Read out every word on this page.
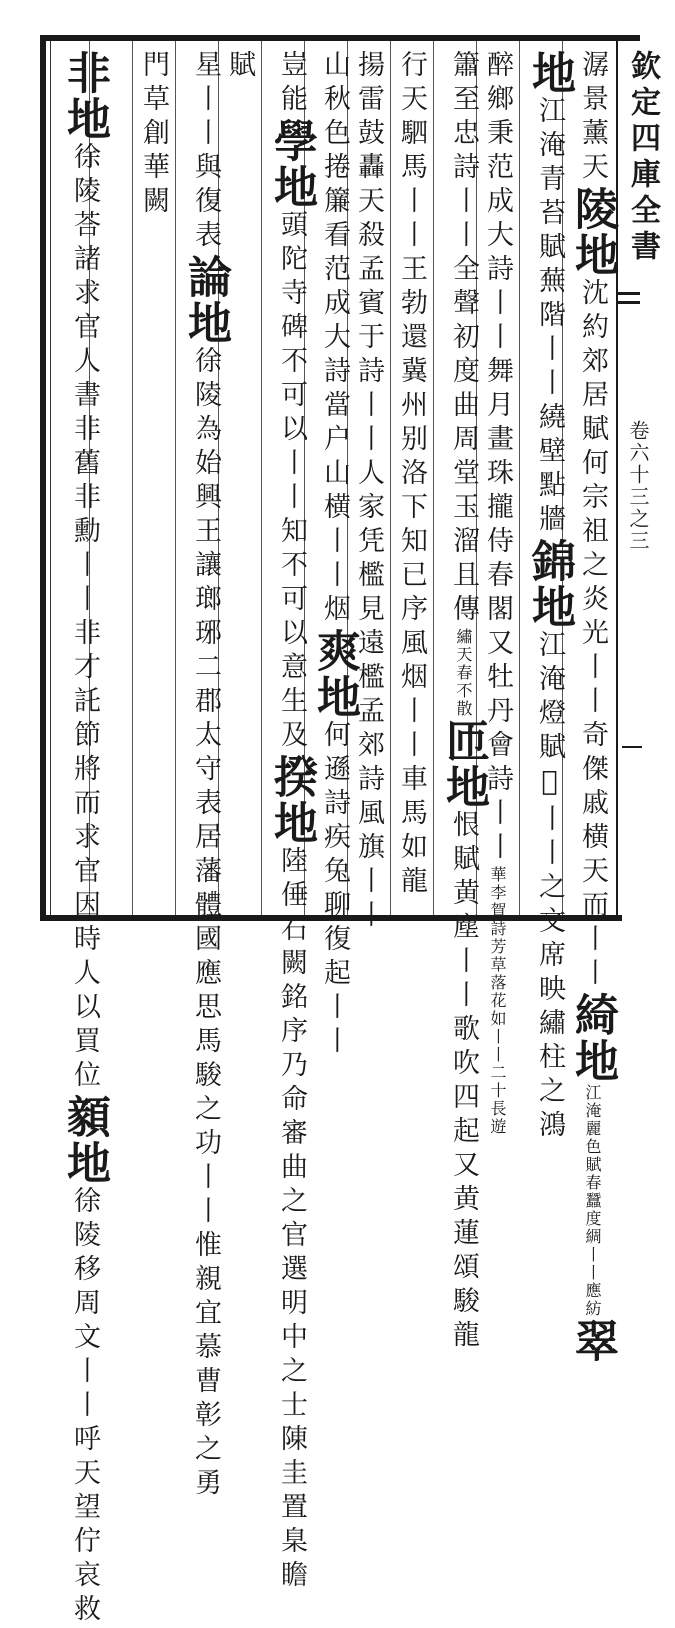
欽定四庫全書
卷六十三之三
潺景薰天陵地沈約郊居賦何宗祖之炎光丨丨奇傑戚横天而丨丨綺地江淹麗色賦春蠶度綢丨丨應紡翠
地江淹青苔賦蕪階丨丨繞壁點牆錦地江淹燈賦𤋲丨丨之文席映繡柱之鴻
醉鄉秉范成大詩丨丨舞月畫珠攏侍春閣又牡丹會詩丨丨華李賀詩芳草落花如丨丨二十長遊
簫至忠詩丨丨全聲初度曲周堂玉溜且傳繡天春不散匝地恨賦黄塵丨丨歌吹四起又黄蓮頌駿龍
行天駟馬丨丨王勃還冀州别洛下知已序風烟丨丨車馬如龍
揚雷鼓轟天殺孟賓于詩丨丨人家凭檻見遠檻孟郊詩風旗丨丨
山秋色捲簾看范成大詩當户山横丨丨烟爽地何遜詩疾兔聊復起丨丨
豈能學地頭陀寺碑不可以丨丨知不可以意生及揆地陸倕石闕銘序乃命審曲之官選明中之士陳圭置臬瞻
賦
星丨丨與復表論地徐陵為始興王讓瑯琊二郡太守表居藩體國應思馬駿之功丨丨惟親宜慕曹彰之勇
門草創華闕
非地徐陵荅諸求官人書非舊非勳丨丨非才託節將而求官因時人以買位顡地徐陵移周文丨丨呼天望佇哀救
